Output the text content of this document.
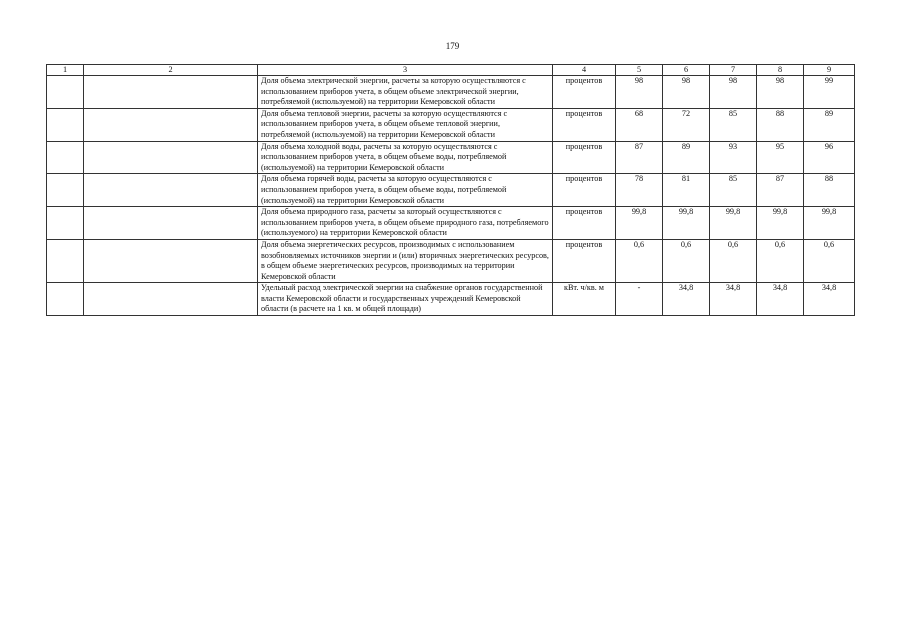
179
1	2	3	4	5	6	7	8	9
		Доля объема электрической энергии, расчеты за которую осуществляются с использованием приборов учета, в общем объеме электрической энергии, потребляемой (используемой) на территории Кемеровской области	процентов	98	98	98	98	99
		Доля объема тепловой энергии, расчеты за которую осуществляются с использованием приборов учета, в общем объеме тепловой энергии, потребляемой (используемой) на территории Кемеровской области	процентов	68	72	85	88	89
		Доля объема холодной воды, расчеты за которую осуществляются с использованием приборов учета, в общем объеме воды, потребляемой (используемой) на территории Кемеровской области	процентов	87	89	93	95	96
		Доля объема горячей воды, расчеты за которую осуществляются с использованием приборов учета, в общем объеме воды, потребляемой (используемой) на территории Кемеровской области	процентов	78	81	85	87	88
		Доля объема природного газа, расчеты за который осуществляются с использованием приборов учета, в общем объеме природного газа, потребляемого (используемого) на территории Кемеровской области	процентов	99,8	99,8	99,8	99,8	99,8
		Доля объема энергетических ресурсов, производимых с использованием возобновляемых источников энергии и (или) вторичных энергетических ресурсов, в общем объеме энергетических ресурсов, производимых на территории Кемеровской области	процентов	0,6	0,6	0,6	0,6	0,6
		Удельный расход электрической энергии на снабжение органов государственной власти Кемеровской области и государственных учреждений Кемеровской области (в расчете на 1 кв. м общей площади)	кВт. ч/кв. м	-	34,8	34,8	34,8	34,8
